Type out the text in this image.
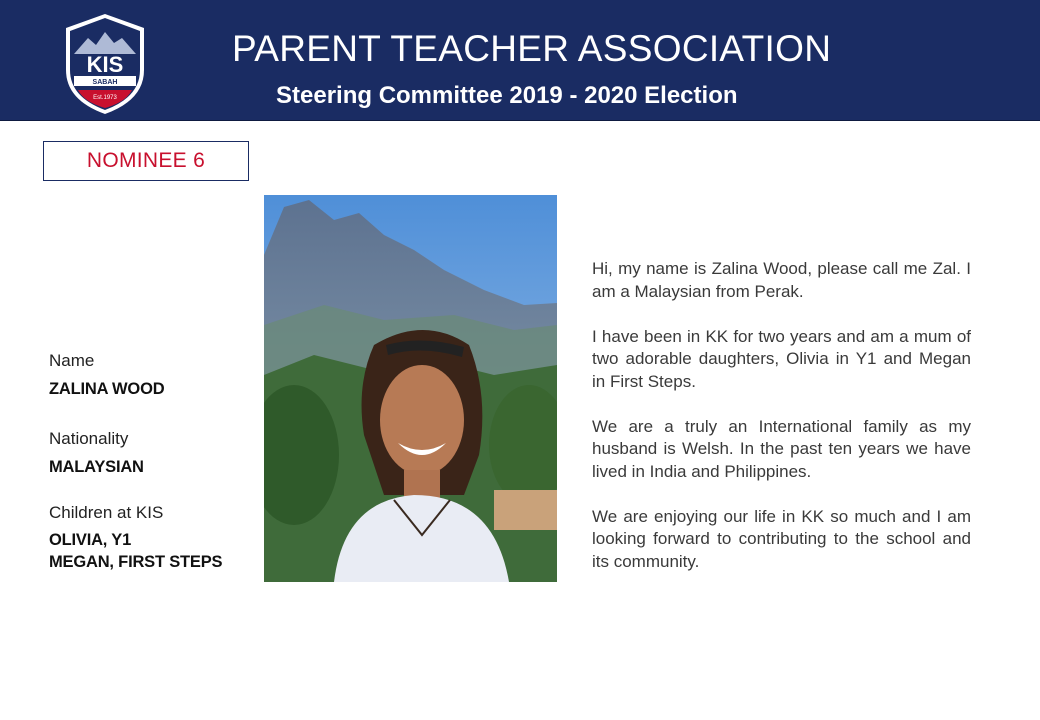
KIS
SABAH
Est.1973
PARENT TEACHER ASSOCIATION
Steering Committee 2019 - 2020 Election
NOMINEE 6
Name
ZALINA WOOD
Nationality
MALAYSIAN
Children at KIS
OLIVIA, Y1
MEGAN, FIRST STEPS

Hi, my name is Zalina Wood, please call me Zal. I am a Malaysian from Perak.

I have been in KK for two years and am a mum of two adorable daughters, Olivia in Y1 and Megan in First Steps.

We are a truly an International family as my husband is Welsh. In the past ten years we have lived in India and Philippines.

We are enjoying our life in KK so much and I am looking forward to contributing to the school and its community.
